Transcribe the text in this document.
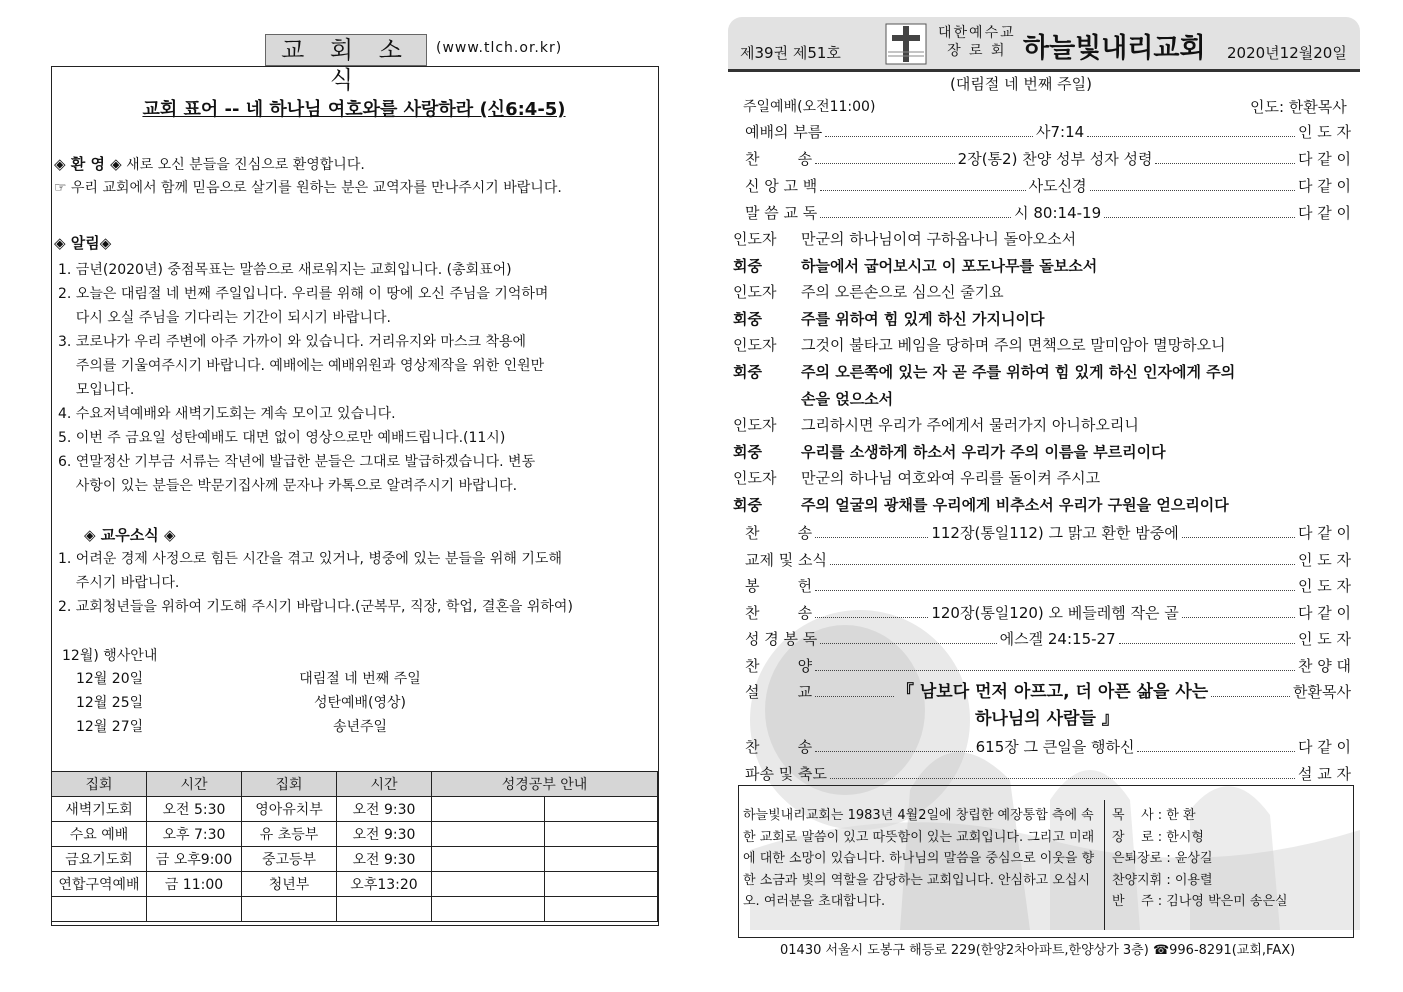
교 회 소 식
(www.tlch.or.kr)
교회 표어 -- 네 하나님 여호와를 사랑하라 (신6:4-5)
◈ 환 영 ◈ 새로 오신 분들을 진심으로 환영합니다.
☞ 우리 교회에서 함께 믿음으로 살기를 원하는 분은 교역자를 만나주시기 바랍니다.
◈ 알림◈
1. 금년(2020년) 중점목표는 말씀으로 새로워지는 교회입니다. (총회표어)
2. 오늘은 대림절 네 번째 주일입니다. 우리를 위해 이 땅에 오신 주님을 기억하며
다시 오실 주님을 기다리는 기간이 되시기 바랍니다.
3. 코로나가 우리 주변에 아주 가까이 와 있습니다. 거리유지와 마스크 착용에
주의를 기울여주시기 바랍니다. 예배에는 예배위원과 영상제작을 위한 인원만
모입니다.
4. 수요저녁예배와 새벽기도회는 계속 모이고 있습니다.
5. 이번 주 금요일 성탄예배도 대면 없이 영상으로만 예배드립니다.(11시)
6. 연말정산 기부금 서류는 작년에 발급한 분들은 그대로 발급하겠습니다. 변동
사항이 있는 분들은 박문기집사께 문자나 카톡으로 알려주시기 바랍니다.
◈ 교우소식 ◈
1. 어려운 경제 사정으로 힘든 시간을 겪고 있거나, 병중에 있는 분들을 위해 기도해
주시기 바랍니다.
2. 교회청년들을 위하여 기도해 주시기 바랍니다.(군복무, 직장, 학업, 결혼을 위하여)
12월) 행사안내
12월 20일	대림절 네 번째 주일
12월 25일	성탄예배(영상)
12월 27일	송년주일
집회	시간	집회	시간	성경공부 안내	
새벽기도회	오전 5:30	영아유치부	오전 9:30		
수요 예배	오후 7:30	유 초등부	오전 9:30		
금요기도회	금 오후9:00	중고등부	오전 9:30		
연합구역예배	금 11:00	청년부	오후13:20		

제39권 제51호
대한예수교
장 로 회 하늘빛내리교회 2020년12월20일
(대림절 네 번째 주일)
주일예배(오전11:00)	인도: 한환목사
예배의 부름	사7:14	인 도 자
찬        송	2장(통2) 찬양 성부 성자 성령	다 같 이
신 앙 고 백	사도신경	다 같 이
말 씀 교 독	시 80:14-19	다 같 이
인도자 만군의 하나님이여 구하옵나니 돌아오소서
회중	하늘에서 굽어보시고 이 포도나무를 돌보소서
인도자 주의 오른손으로 심으신 줄기요
회중	주를 위하여 힘 있게 하신 가지니이다
인도자 그것이 불타고 베임을 당하며 주의 면책으로 말미암아 멸망하오니
회중	주의 오른쪽에 있는 자 곧 주를 위하여 힘 있게 하신 인자에게 주의
손을 얹으소서
인도자 그리하시면 우리가 주에게서 물러가지 아니하오리니
회중	우리를 소생하게 하소서 우리가 주의 이름을 부르리이다
인도자 만군의 하나님 여호와여 우리를 돌이켜 주시고
회중	주의 얼굴의 광채를 우리에게 비추소서 우리가 구원을 얻으리이다
찬        송	112장(통일112) 그 맑고 환한 밤중에	다 같 이
교제 및 소식	인 도 자
봉        헌	인 도 자
찬        송	120장(통일120) 오 베들레헴 작은 골	다 같 이
성 경 봉 독	에스겔 24:15-27	인 도 자
찬        양	찬 양 대
설        교	『 남보다 먼저 아프고, 더 아픈 삶을 사는	한환목사
하나님의 사람들 』
찬        송	615장 그 큰일을 행하신	다 같 이
파송 및 축도	설 교 자
하늘빛내리교회는 1983년 4월2일에 창립한 예장통합 측에 속한 교회로 말씀이 있고 따뜻함이 있는 교회입니다. 그리고 미래에 대한 소망이 있습니다. 하나님의 말씀을 중심으로 이웃을 향한 소금과 빛의 역할을 감당하는 교회입니다. 안심하고 오십시오. 여러분을 초대합니다.
목    사 : 한 환
장    로 : 한시형
은퇴장로 : 윤상길
찬양지휘 : 이용렬
반    주 : 김나영 박은미 송은실
01430 서울시 도봉구 해등로 229(한양2차아파트,한양상가 3층) ☎996-8291(교회,FAX)
